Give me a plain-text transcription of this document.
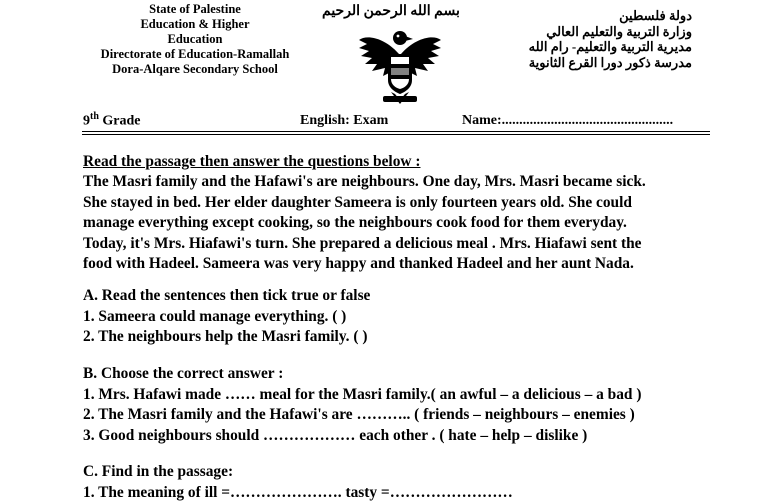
State of Palestine
Education & Higher
Education
Directorate of Education-Ramallah
Dora-Alqare Secondary School
بسم الله الرحمن الرحيم	دولة فلسطين
وزارة التربية والتعليم العالي
مديرية التربية والتعليم- رام الله
مدرسة ذكور دورا القرع الثانوية
9th Grade	English: Exam	Name:.................................................
Read the passage then answer the questions below :
The Masri family and the Hafawi's are neighbours. One day, Mrs. Masri became sick.
She stayed in bed. Her elder daughter Sameera is only fourteen years old. She could
manage everything except cooking, so the neighbours cook food for them everyday.
Today, it's Mrs. Hiafawi's turn. She prepared a delicious meal . Mrs. Hiafawi sent the
food with Hadeel. Sameera was very happy and thanked Hadeel and her aunt Nada.
A. Read the sentences then tick true or false
1. Sameera could manage everything. ( )
2. The neighbours help the Masri family. ( )
B. Choose the correct answer :
1. Mrs. Hafawi made …… meal for the Masri family.( an awful – a delicious – a bad )
2. The Masri family and the Hafawi's are ……….. ( friends – neighbours – enemies )
3. Good neighbours should ……………… each other . ( hate – help – dislike )
C. Find in the passage:
1. The meaning of ill =…………………. tasty =……………………
